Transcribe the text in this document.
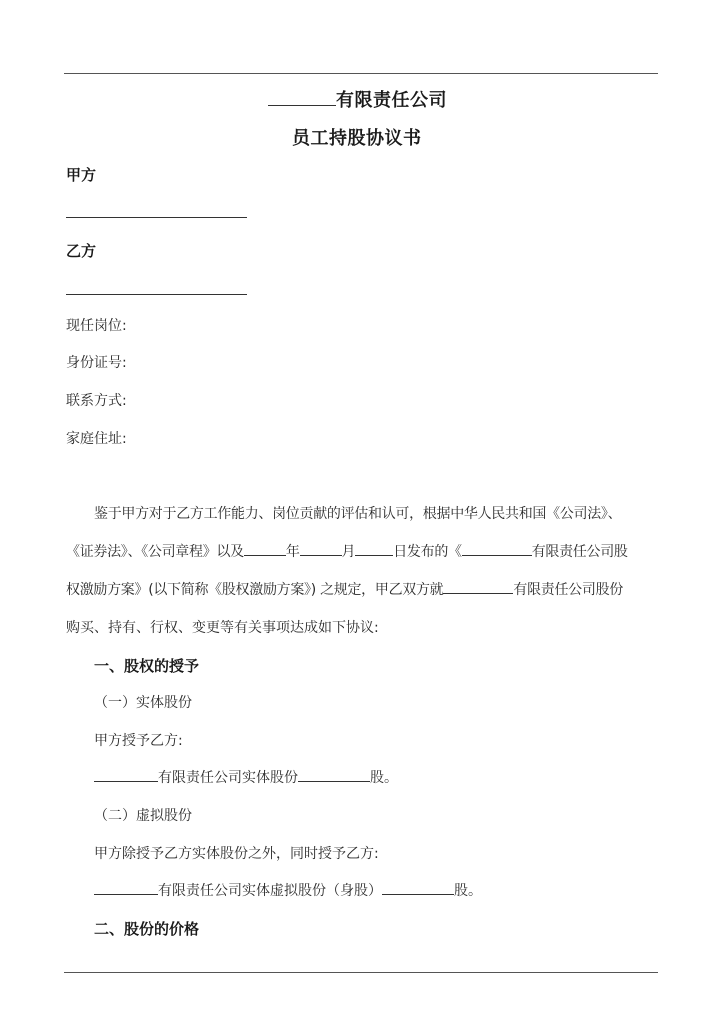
有限责任公司
员工持股协议书
甲方
乙方
现任岗位:
身份证号:
联系方式:
家庭住址:
鉴于甲方对于乙方工作能力、岗位贡献的评估和认可，根据中华人民共和国《公司法》、
《证券法》、《公司章程》以及	年	月	日发布的《	有限责任公司股
权激励方案》(以下简称《股权激励方案》) 之规定，甲乙双方就	有限责任公司股份
购买、持有、行权、变更等有关事项达成如下协议:
一、股权的授予
（一）实体股份
甲方授予乙方:
有限责任公司实体股份	股。
（二）虚拟股份
甲方除授予乙方实体股份之外，同时授予乙方:
有限责任公司实体虚拟股份（身股）	股。
二、股份的价格
